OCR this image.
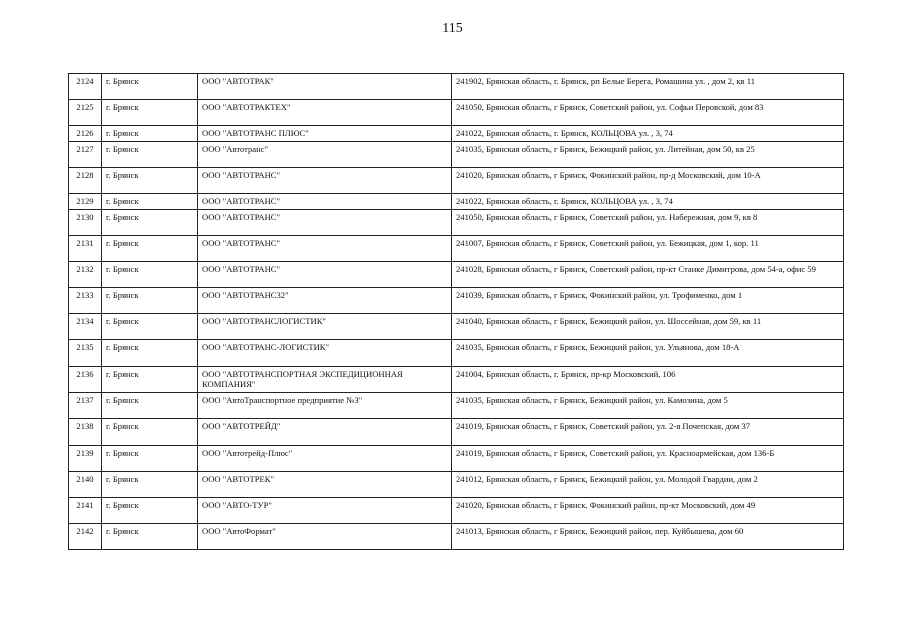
115
2124	г. Брянск	ООО "АВТОТРАК"	241902, Брянская область, г. Брянск, рп Белые Берега, Ромашина ул. , дом 2, кв 11
2125	г. Брянск	ООО "АВТОТРАКТЕХ"	241050, Брянская область, г Брянск, Советский район, ул. Софьи Перовской, дом 83
2126	г. Брянск	ООО "АВТОТРАНС ПЛЮС"	241022, Брянская область, г. Брянск, КОЛЬЦОВА ул. , 3, 74
2127	г. Брянск	ООО "Автотранс"	241035, Брянская область, г Брянск, Бежицкий район, ул. Литейная, дом 50, кв 25
2128	г. Брянск	ООО "АВТОТРАНС"	241020, Брянская область, г Брянск, Фокинский район, пр-д Московский, дом 10-А
2129	г. Брянск	ООО "АВТОТРАНС"	241022, Брянская область, г. Брянск, КОЛЬЦОВА ул. , 3, 74
2130	г. Брянск	ООО "АВТОТРАНС"	241050, Брянская область, г Брянск, Советский район, ул. Набережная, дом 9, кв 8
2131	г. Брянск	ООО "АВТОТРАНС"	241007, Брянская область, г Брянск, Советский район, ул. Бежицкая, дом 1, кор. 11
2132	г. Брянск	ООО "АВТОТРАНС"	241028, Брянская область, г Брянск, Советский район, пр-кт Станке Димитрова, дом 54-а, офис 59
2133	г. Брянск	ООО "АВТОТРАНС32"	241039, Брянская область, г Брянск, Фокинский район, ул. Трофименко, дом 1
2134	г. Брянск	ООО "АВТОТРАНСЛОГИСТИК"	241040, Брянская область, г Брянск, Бежицкий район, ул. Шоссейная, дом 59, кв 11
2135	г. Брянск	ООО "АВТОТРАНС-ЛОГИСТИК"	241035, Брянская область, г Брянск, Бежицкий район, ул. Ульянова, дом 18-А
2136	г. Брянск	ООО "АВТОТРАНСПОРТНАЯ ЭКСПЕДИЦИОННАЯ КОМПАНИЯ"	241004, Брянская область, г. Брянск, пр-кр Московский, 106
2137	г. Брянск	ООО "АвтоТранспортное предприятие №3"	241035, Брянская область, г Брянск, Бежицкий район, ул. Камозина, дом 5
2138	г. Брянск	ООО "АВТОТРЕЙД"	241019, Брянская область, г Брянск, Советский район, ул. 2-я Почепская, дом 37
2139	г. Брянск	ООО "Автотрейд-Плюс"	241019, Брянская область, г Брянск, Советский район, ул. Красноармейская, дом 136-Б
2140	г. Брянск	ООО "АВТОТРЕК"	241012, Брянская область, г Брянск, Бежицкий район, ул. Молодой Гвардии, дом 2
2141	г. Брянск	ООО "АВТО-ТУР"	241020, Брянская область, г Брянск, Фокинский район, пр-кт Московский, дом 49
2142	г. Брянск	ООО "АвтоФормат"	241013, Брянская область, г Брянск, Бежицкий район, пер. Куйбышева, дом 60
